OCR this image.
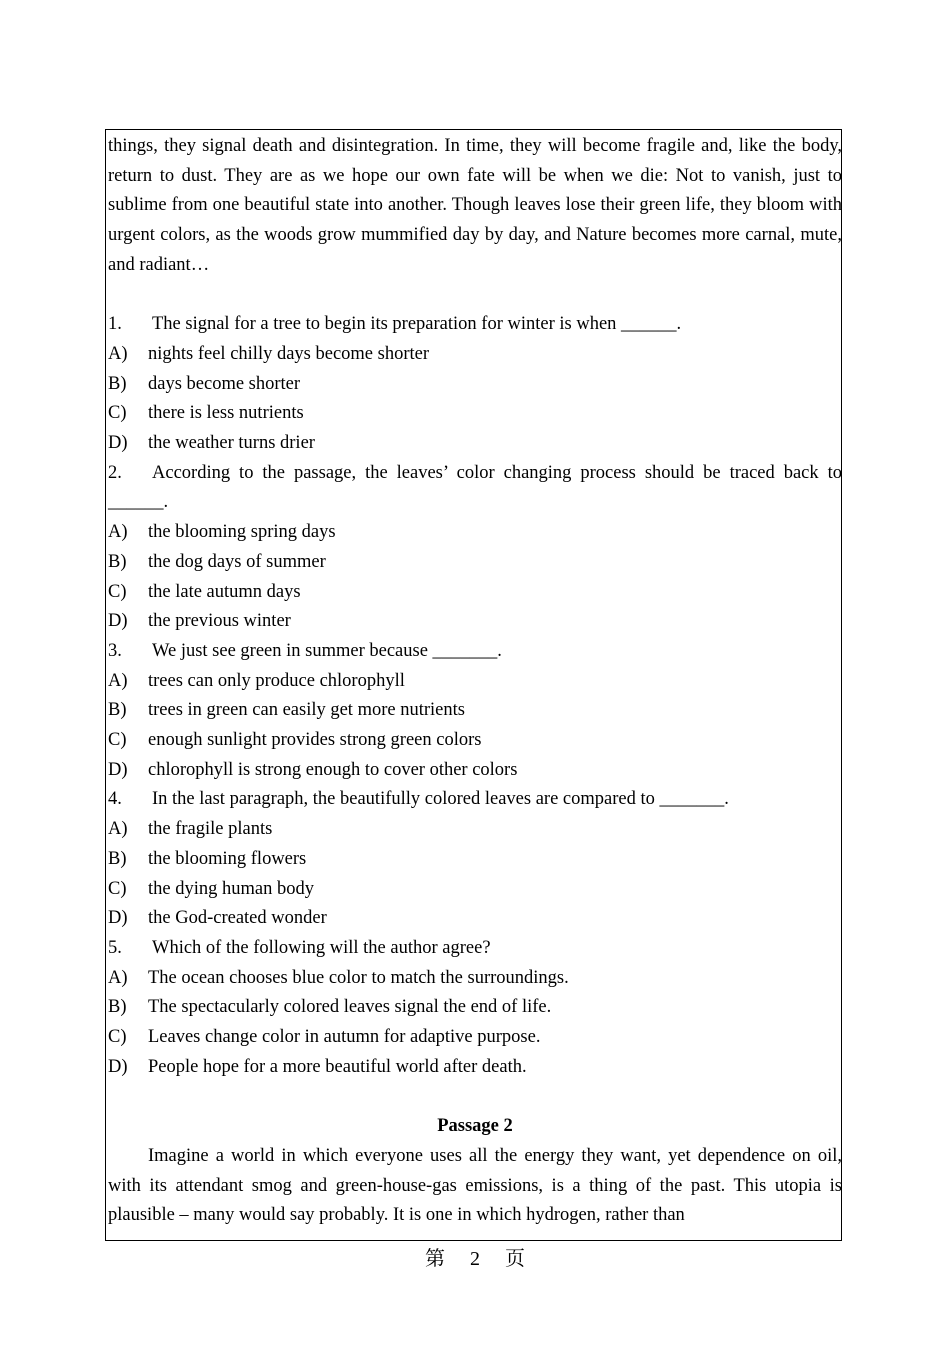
things, they signal death and disintegration. In time, they will become fragile and, like the body, return to dust. They are as we hope our own fate will be when we die: Not to vanish, just to sublime from one beautiful state into another. Though leaves lose their green life, they bloom with urgent colors, as the woods grow mummified day by day, and Nature becomes more carnal, mute, and radiant…

1.	The signal for a tree to begin its preparation for winter is when ______.
A)	nights feel chilly days become shorter
B)	days become shorter
C)	there is less nutrients
D)	the weather turns drier

2. According to the passage, the leaves’ color changing process should be traced back to ______.

A)	the blooming spring days
B)	the dog days of summer
C)	the late autumn days
D)	the previous winter
3.	We just see green in summer because _______.
A)	trees can only produce chlorophyll
B)	trees in green can easily get more nutrients
C)	enough sunlight provides strong green colors
D)	chlorophyll is strong enough to cover other colors
4.	In the last paragraph, the beautifully colored leaves are compared to _______.
A)	the fragile plants
B)	the blooming flowers
C)	the dying human body
D)	the God-created wonder
5.	Which of the following will the author agree?
A)	The ocean chooses blue color to match the surroundings.
B)	The spectacularly colored leaves signal the end of life.
C)	Leaves change color in autumn for adaptive purpose.
D)	People hope for a more beautiful world after death.

Passage 2

Imagine a world in which everyone uses all the energy they want, yet dependence on oil, with its attendant smog and green-house-gas emissions, is a thing of the past. This utopia is plausible – many would say probably. It is one in which hydrogen, rather than

第 2 页
